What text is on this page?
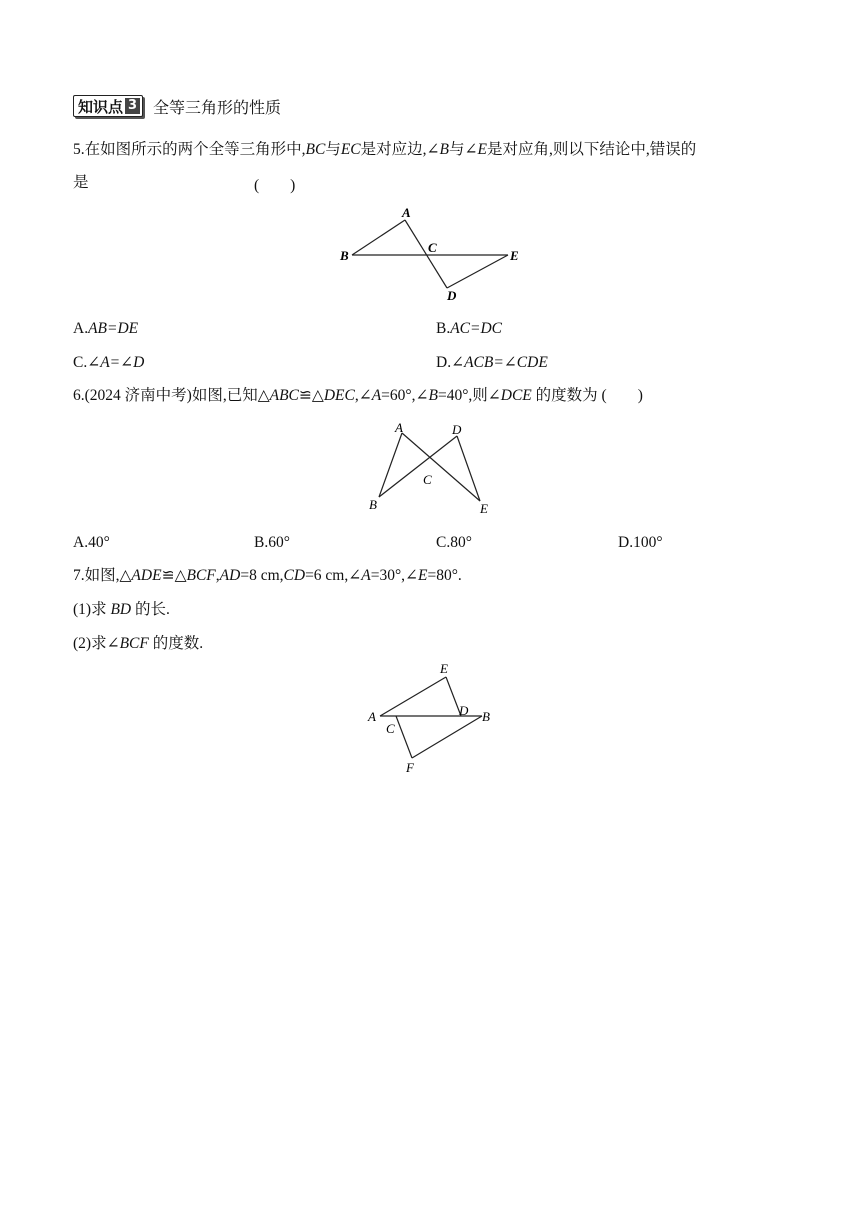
知识点 3 全等三角形的性质
5.在如图所示的两个全等三角形中,BC与EC是对应边,∠B与∠E是对应角,则以下结论中,错误的
是	(　　)
A
B
C
D
E
A.AB=DE	B.AC=DC
C.∠A=∠D	D.∠ACB=∠CDE
6.(2024 济南中考)如图,已知△ABC≌△DEC,∠A=60°,∠B=40°,则∠DCE 的度数为 (　　)
A	D
C
B	E
A.40°	B.60°	C.80°	D.100°
7.如图,△ADE≌△BCF,AD=8 cm,CD=6 cm,∠A=30°,∠E=80°.
(1)求 BD 的长.
(2)求∠BCF 的度数.
E
A	D B
C
F
